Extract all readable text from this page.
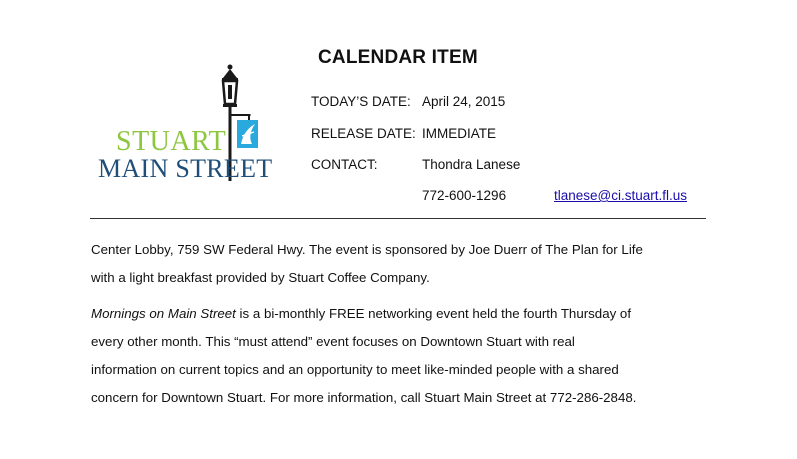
STUART
MAIN STREET
CALENDAR ITEM
TODAY’S DATE: April 24, 2015
RELEASE DATE: IMMEDIATE
CONTACT:	Thondra Lanese
772-600-1296	tlanese@ci.stuart.fl.us
Center Lobby, 759 SW Federal Hwy. The event is sponsored by Joe Duerr of The Plan for Life
with a light breakfast provided by Stuart Coffee Company.
Mornings on Main Street is a bi-monthly FREE networking event held the fourth Thursday of
every other month. This “must attend” event focuses on Downtown Stuart with real
information on current topics and an opportunity to meet like-minded people with a shared
concern for Downtown Stuart. For more information, call Stuart Main Street at 772-286-2848.
